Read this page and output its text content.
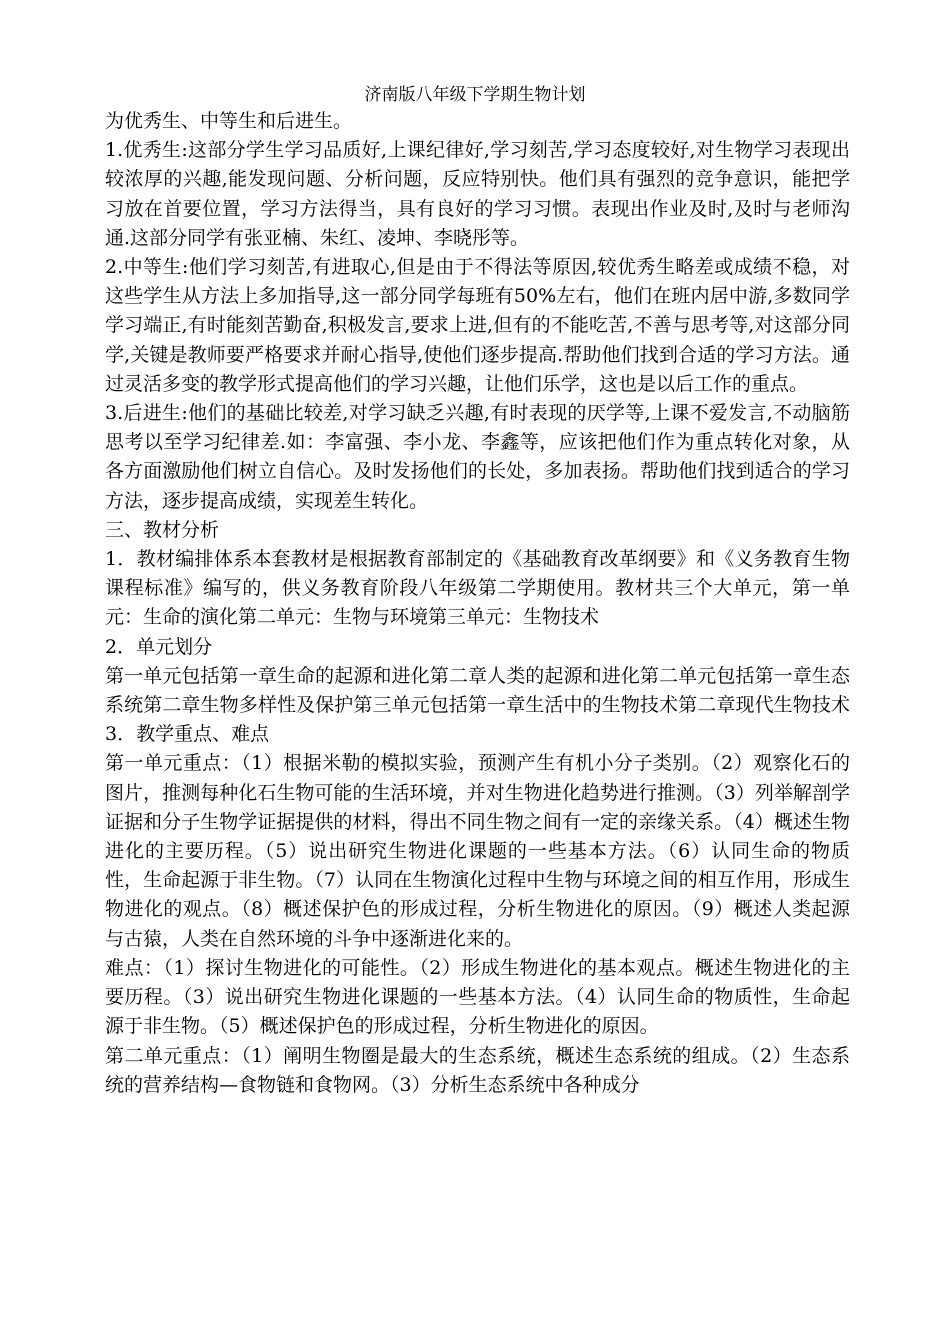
济南版八年级下学期生物计划

为优秀生、中等生和后进生。

1.优秀生:这部分学生学习品质好,上课纪律好,学习刻苦,学习态度较好,对生物学习表现出较浓厚的兴趣,能发现问题、分析问题，反应特别快。他们具有强烈的竞争意识，能把学习放在首要位置，学习方法得当，具有良好的学习习惯。表现出作业及时,及时与老师沟通.这部分同学有张亚楠、朱红、凌坤、李晓彤等。

2.中等生:他们学习刻苦,有进取心,但是由于不得法等原因,较优秀生略差或成绩不稳，对这些学生从方法上多加指导,这一部分同学每班有50%左右，他们在班内居中游,多数同学学习端正,有时能刻苦勤奋,积极发言,要求上进,但有的不能吃苦,不善与思考等,对这部分同学,关键是教师要严格要求并耐心指导,使他们逐步提高.帮助他们找到合适的学习方法。通过灵活多变的教学形式提高他们的学习兴趣，让他们乐学，这也是以后工作的重点。

3.后进生:他们的基础比较差,对学习缺乏兴趣,有时表现的厌学等,上课不爱发言,不动脑筋思考以至学习纪律差.如：李富强、李小龙、李鑫等，应该把他们作为重点转化对象，从各方面激励他们树立自信心。及时发扬他们的长处，多加表扬。帮助他们找到适合的学习方法，逐步提高成绩，实现差生转化。

三、教材分析

1．教材编排体系本套教材是根据教育部制定的《基础教育改革纲要》和《义务教育生物课程标准》编写的，供义务教育阶段八年级第二学期使用。教材共三个大单元，第一单元：生命的演化第二单元：生物与环境第三单元：生物技术

2．单元划分

第一单元包括第一章生命的起源和进化第二章人类的起源和进化第二单元包括第一章生态系统第二章生物多样性及保护第三单元包括第一章生活中的生物技术第二章现代生物技术3．教学重点、难点

第一单元重点：（1）根据米勒的模拟实验，预测产生有机小分子类别。（2）观察化石的图片，推测每种化石生物可能的生活环境，并对生物进化趋势进行推测。（3）列举解剖学证据和分子生物学证据提供的材料，得出不同生物之间有一定的亲缘关系。（4）概述生物进化的主要历程。（5）说出研究生物进化课题的一些基本方法。（6）认同生命的物质性，生命起源于非生物。（7）认同在生物演化过程中生物与环境之间的相互作用，形成生物进化的观点。（8）概述保护色的形成过程，分析生物进化的原因。（9）概述人类起源与古猿，人类在自然环境的斗争中逐渐进化来的。

难点：（1）探讨生物进化的可能性。（2）形成生物进化的基本观点。概述生物进化的主要历程。（3）说出研究生物进化课题的一些基本方法。（4）认同生命的物质性，生命起源于非生物。（5）概述保护色的形成过程，分析生物进化的原因。

第二单元重点：（1）阐明生物圈是最大的生态系统，概述生态系统的组成。（2）生态系统的营养结构—食物链和食物网。（3）分析生态系统中各种成分
